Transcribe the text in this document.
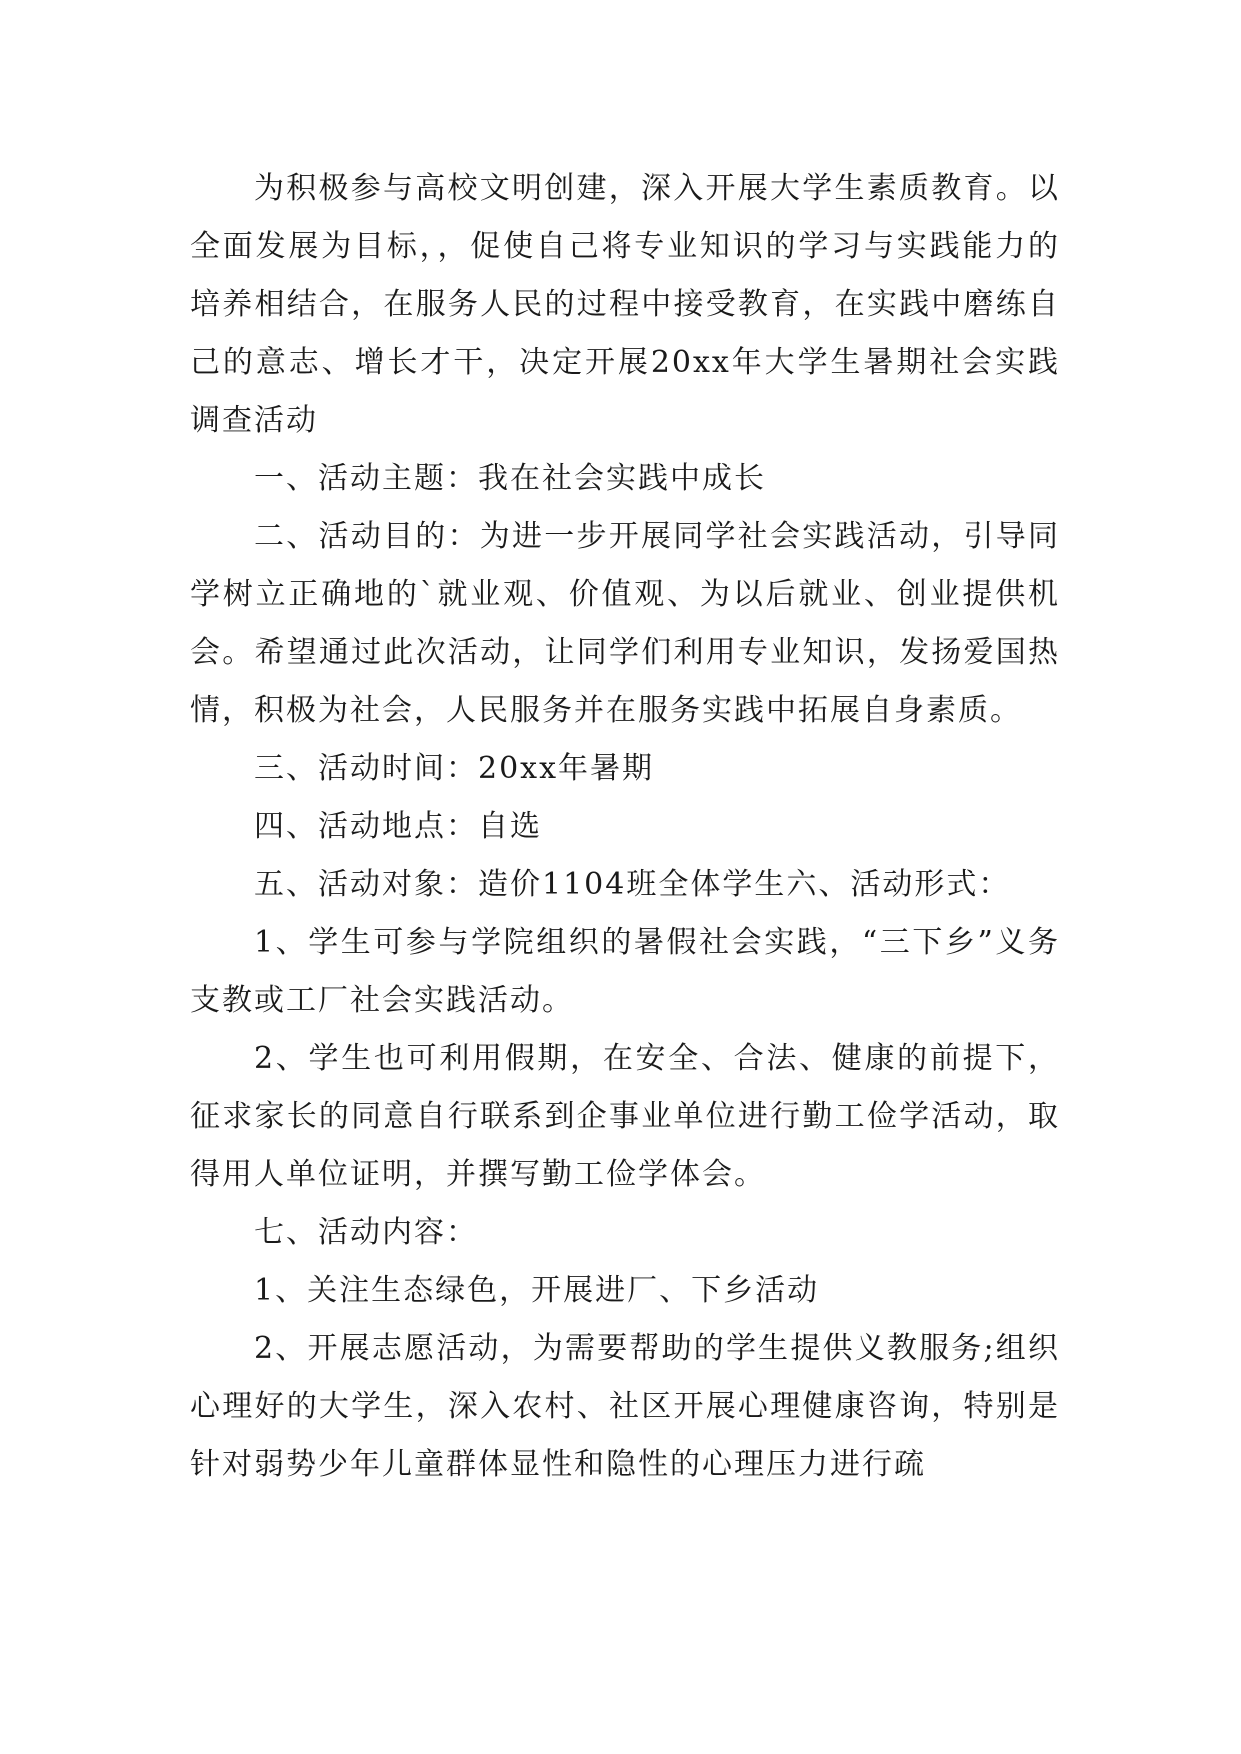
为积极参与高校文明创建，深入开展大学生素质教育。以全面发展为目标，，促使自己将专业知识的学习与实践能力的培养相结合，在服务人民的过程中接受教育，在实践中磨练自己的意志、增长才干，决定开展20xx年大学生暑期社会实践调查活动

一、活动主题：我在社会实践中成长

二、活动目的：为进一步开展同学社会实践活动，引导同学树立正确地的`就业观、价值观、为以后就业、创业提供机会。希望通过此次活动，让同学们利用专业知识，发扬爱国热情，积极为社会，人民服务并在服务实践中拓展自身素质。

三、活动时间：20xx年暑期

四、活动地点：自选

五、活动对象：造价1104班全体学生六、活动形式：

1、学生可参与学院组织的暑假社会实践，“三下乡”义务支教或工厂社会实践活动。

2、学生也可利用假期，在安全、合法、健康的前提下，征求家长的同意自行联系到企事业单位进行勤工俭学活动，取得用人单位证明，并撰写勤工俭学体会。

七、活动内容：

1、关注生态绿色，开展进厂、下乡活动

2、开展志愿活动，为需要帮助的学生提供义教服务;组织心理好的大学生，深入农村、社区开展心理健康咨询，特别是针对弱势少年儿童群体显性和隐性的心理压力进行疏
